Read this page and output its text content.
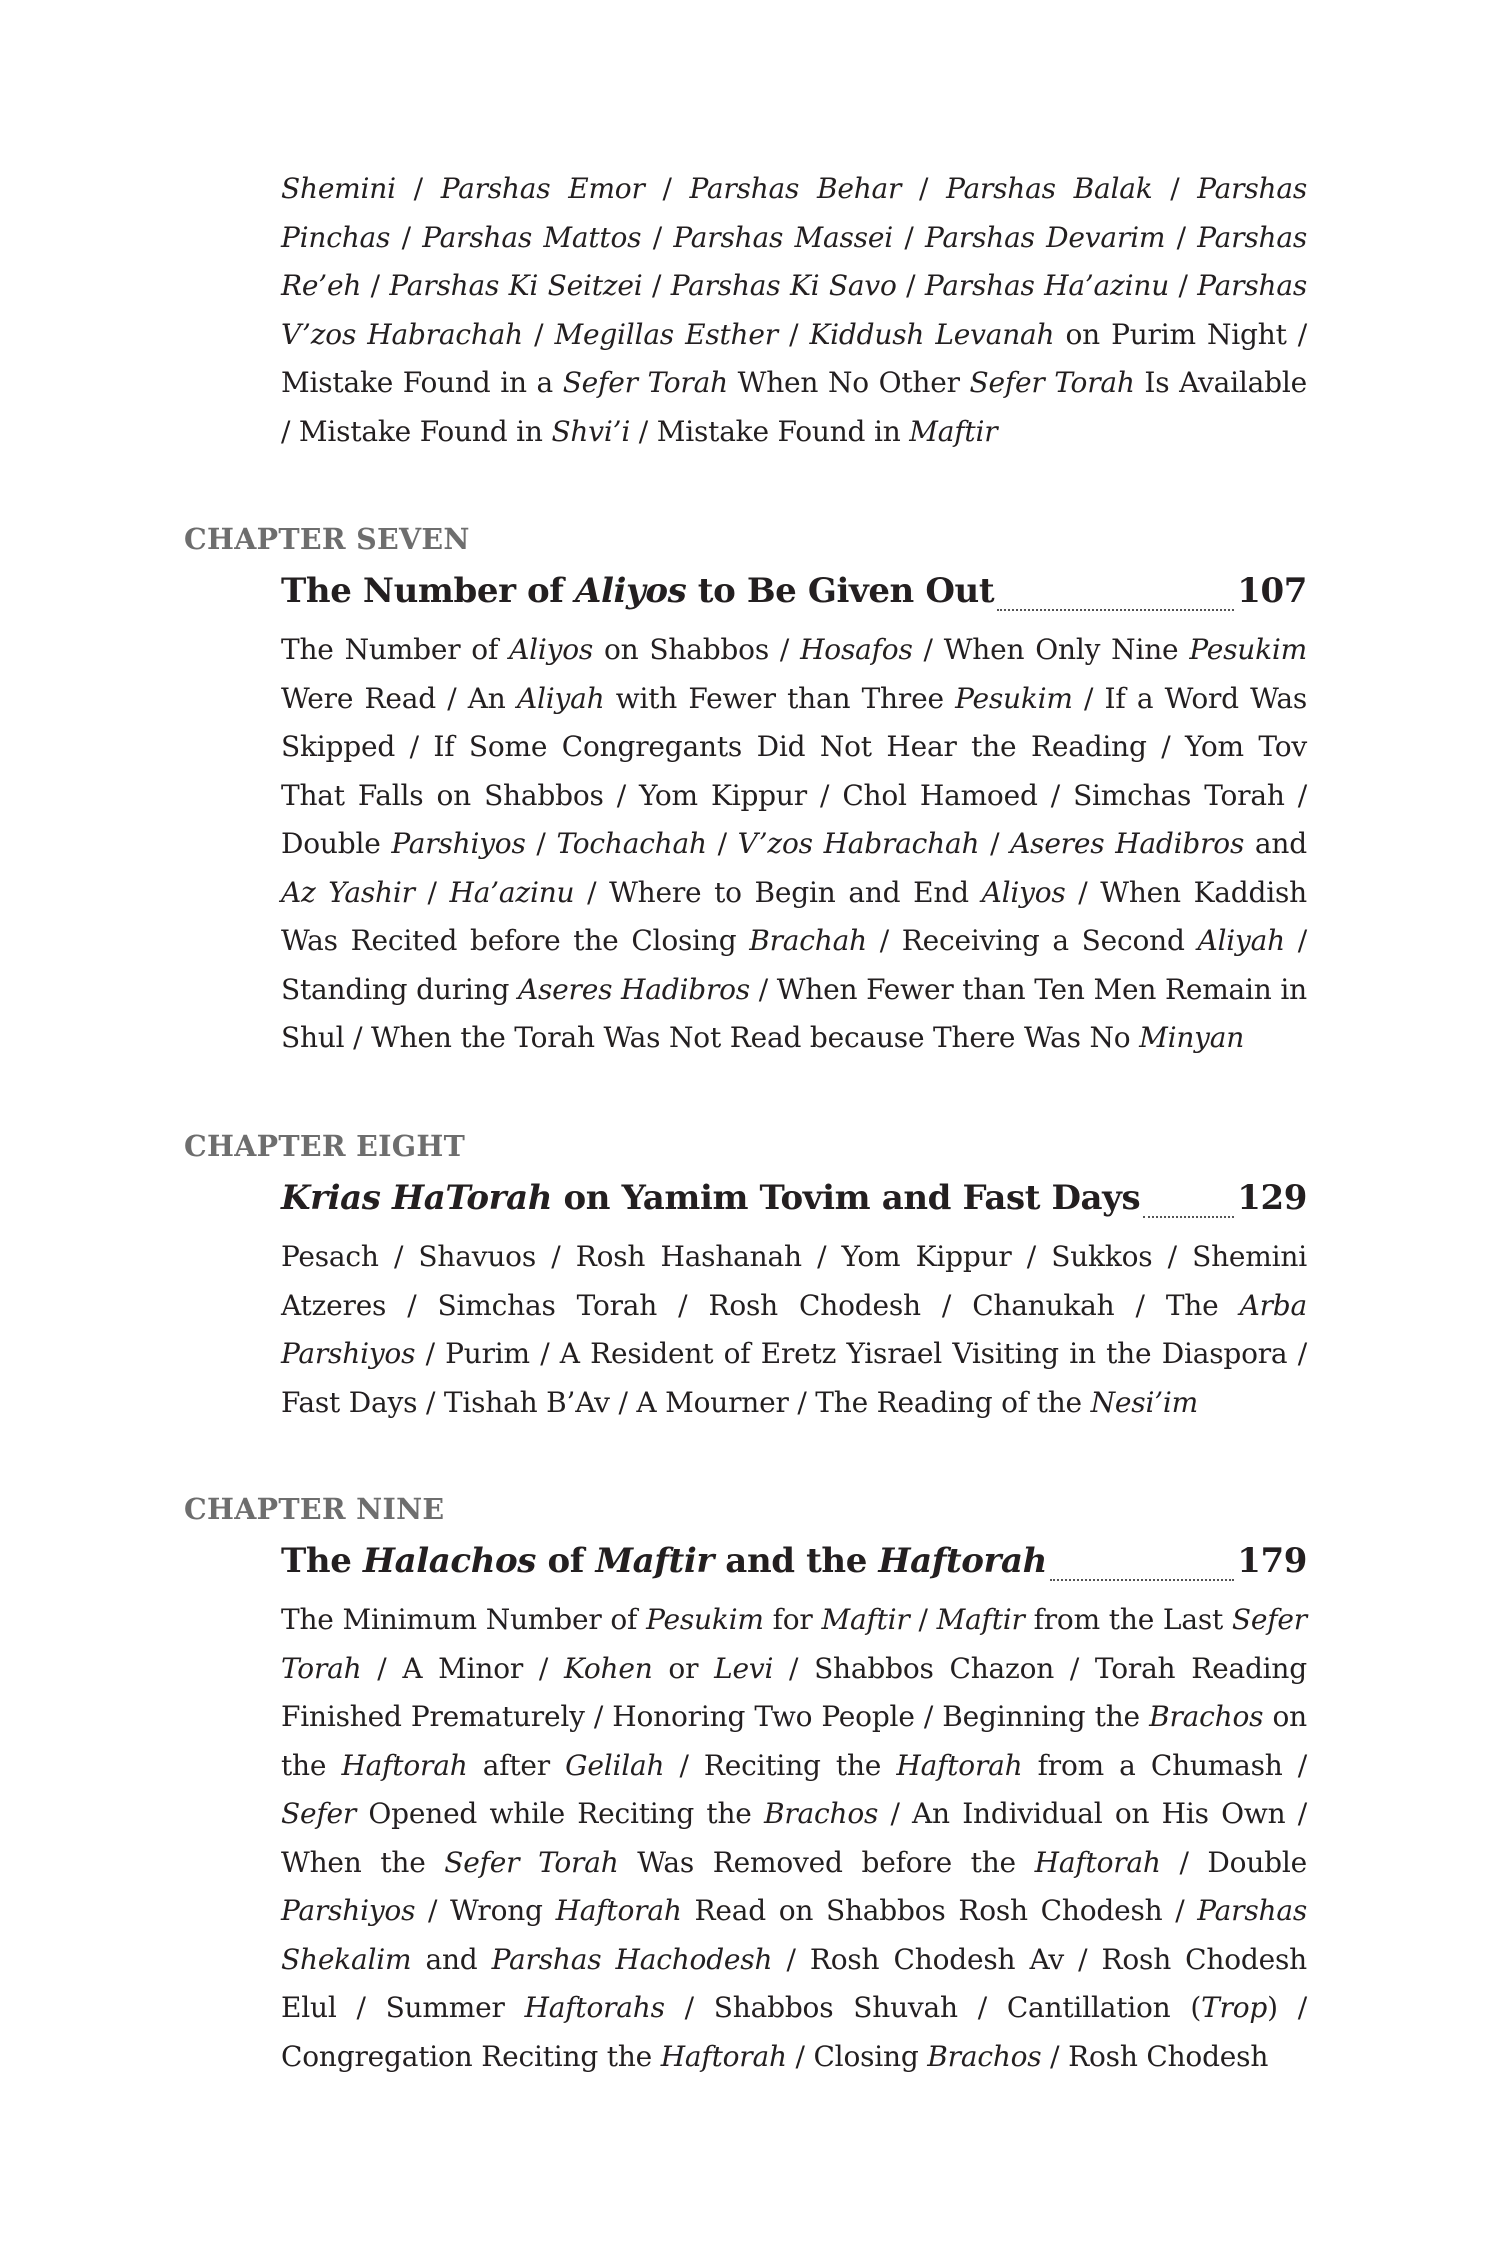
Shemini / Parshas Emor / Parshas Behar / Parshas Balak / Parshas Pinchas / Parshas Mattos / Parshas Massei / Parshas Devarim / Parshas Re’eh / Parshas Ki Seitzei / Parshas Ki Savo / Parshas Ha’azinu / Parshas V’zos Habrachah / Megillas Esther / Kiddush Levanah on Purim Night / Mistake Found in a Sefer Torah When No Other Sefer Torah Is Available / Mistake Found in Shvi’i / Mistake Found in Maftir
CHAPTER SEVEN
The Number of Aliyos to Be Given Out	107
The Number of Aliyos on Shabbos / Hosafos / When Only Nine Pesukim Were Read / An Aliyah with Fewer than Three Pesukim / If a Word Was Skipped / If Some Congregants Did Not Hear the Reading / Yom Tov That Falls on Shabbos / Yom Kippur / Chol Hamoed / Simchas Torah / Double Parshiyos / Tochachah / V’zos Habrachah / Aseres Hadibros and Az Yashir / Ha’azinu / Where to Begin and End Aliyos / When Kaddish Was Recited before the Closing Brachah / Receiving a Second Aliyah / Standing during Aseres Hadibros / When Fewer than Ten Men Remain in Shul / When the Torah Was Not Read because There Was No Minyan
CHAPTER EIGHT
Krias HaTorah on Yamim Tovim and Fast Days	129
Pesach / Shavuos / Rosh Hashanah / Yom Kippur / Sukkos / Shemini Atzeres / Simchas Torah / Rosh Chodesh / Chanukah / The Arba Parshiyos / Purim / A Resident of Eretz Yisrael Visiting in the Diaspora / Fast Days / Tishah B’Av / A Mourner / The Reading of the Nesi’im
CHAPTER NINE
The Halachos of Maftir and the Haftorah	179
The Minimum Number of Pesukim for Maftir / Maftir from the Last Sefer Torah / A Minor / Kohen or Levi / Shabbos Chazon / Torah Reading Finished Prematurely / Honoring Two People / Beginning the Brachos on the Haftorah after Gelilah / Reciting the Haftorah from a Chumash / Sefer Opened while Reciting the Brachos / An Individual on His Own / When the Sefer Torah Was Removed before the Haftorah / Double Parshiyos / Wrong Haftorah Read on Shabbos Rosh Chodesh / Parshas Shekalim and Parshas Hachodesh / Rosh Chodesh Av / Rosh Chodesh Elul / Summer Haftorahs / Shabbos Shuvah / Cantillation (Trop) / Congregation Reciting the Haftorah / Closing Brachos / Rosh Chodesh
